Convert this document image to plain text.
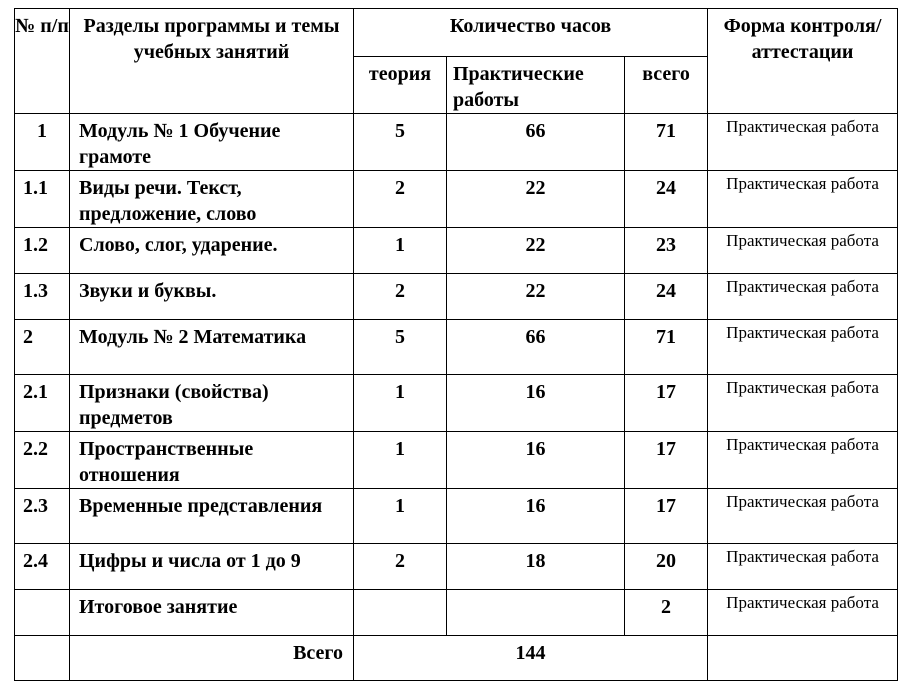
№ п/п	Разделы программы и темы учебных занятий	Количество часов			Форма контроля/ аттестации
		теория	Практические работы	всего	
1	Модуль № 1 Обучение грамоте	5	66	71	Практическая работа
1.1	Виды речи. Текст, предложение, слово	2	22	24	Практическая работа
1.2	Слово, слог, ударение.	1	22	23	Практическая работа
1.3	Звуки и буквы.	2	22	24	Практическая работа
2	Модуль № 2 Математика	5	66	71	Практическая работа
2.1	Признаки (свойства) предметов	1	16	17	Практическая работа
2.2	Пространственные отношения	1	16	17	Практическая работа
2.3	Временные представления	1	16	17	Практическая работа
2.4	Цифры и числа от 1 до 9	2	18	20	Практическая работа
	Итоговое занятие			2	Практическая работа
	Всего	144			
